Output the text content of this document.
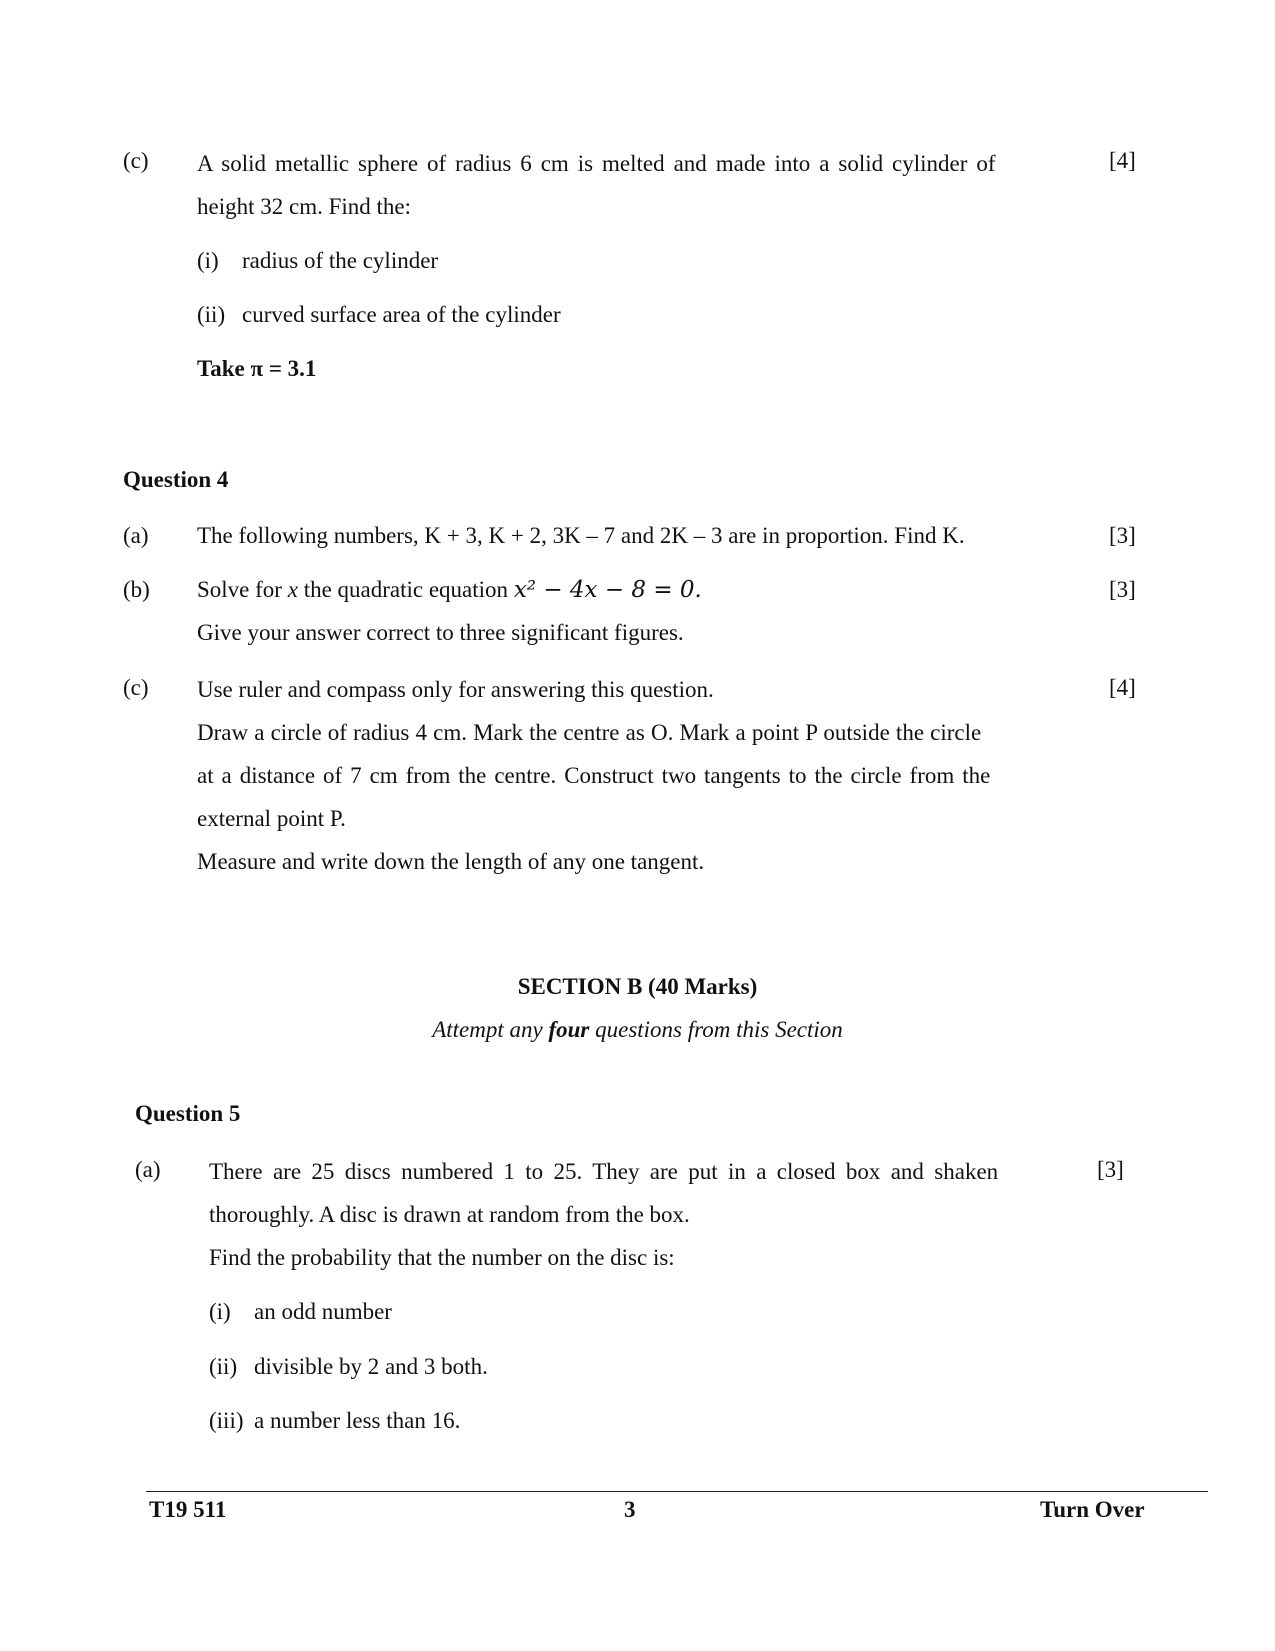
(c) A solid metallic sphere of radius 6 cm is melted and made into a solid cylinder of
height 32 cm. Find the:
[4]
(i) radius of the cylinder
(ii) curved surface area of the cylinder
Take π = 3.1
Question 4
(a) The following numbers, K + 3, K + 2, 3K – 7 and 2K – 3 are in proportion. Find K.	[3]
(b) Solve for x the quadratic equation x² − 4x − 8 = 0.	[3]
Give your answer correct to three significant figures.
(c) Use ruler and compass only for answering this question.
Draw a circle of radius 4 cm. Mark the centre as O. Mark a point P outside the circle
at a distance of 7 cm from the centre. Construct two tangents to the circle from the
external point P.
Measure and write down the length of any one tangent.
[4]
SECTION B (40 Marks)
Attempt any four questions from this Section
Question 5
(a) There are 25 discs numbered 1 to 25. They are put in a closed box and shaken
thoroughly. A disc is drawn at random from the box.
Find the probability that the number on the disc is:
[3]
(i) an odd number
(ii) divisible by 2 and 3 both.
(iii) a number less than 16.
T19 511	3	Turn Over
